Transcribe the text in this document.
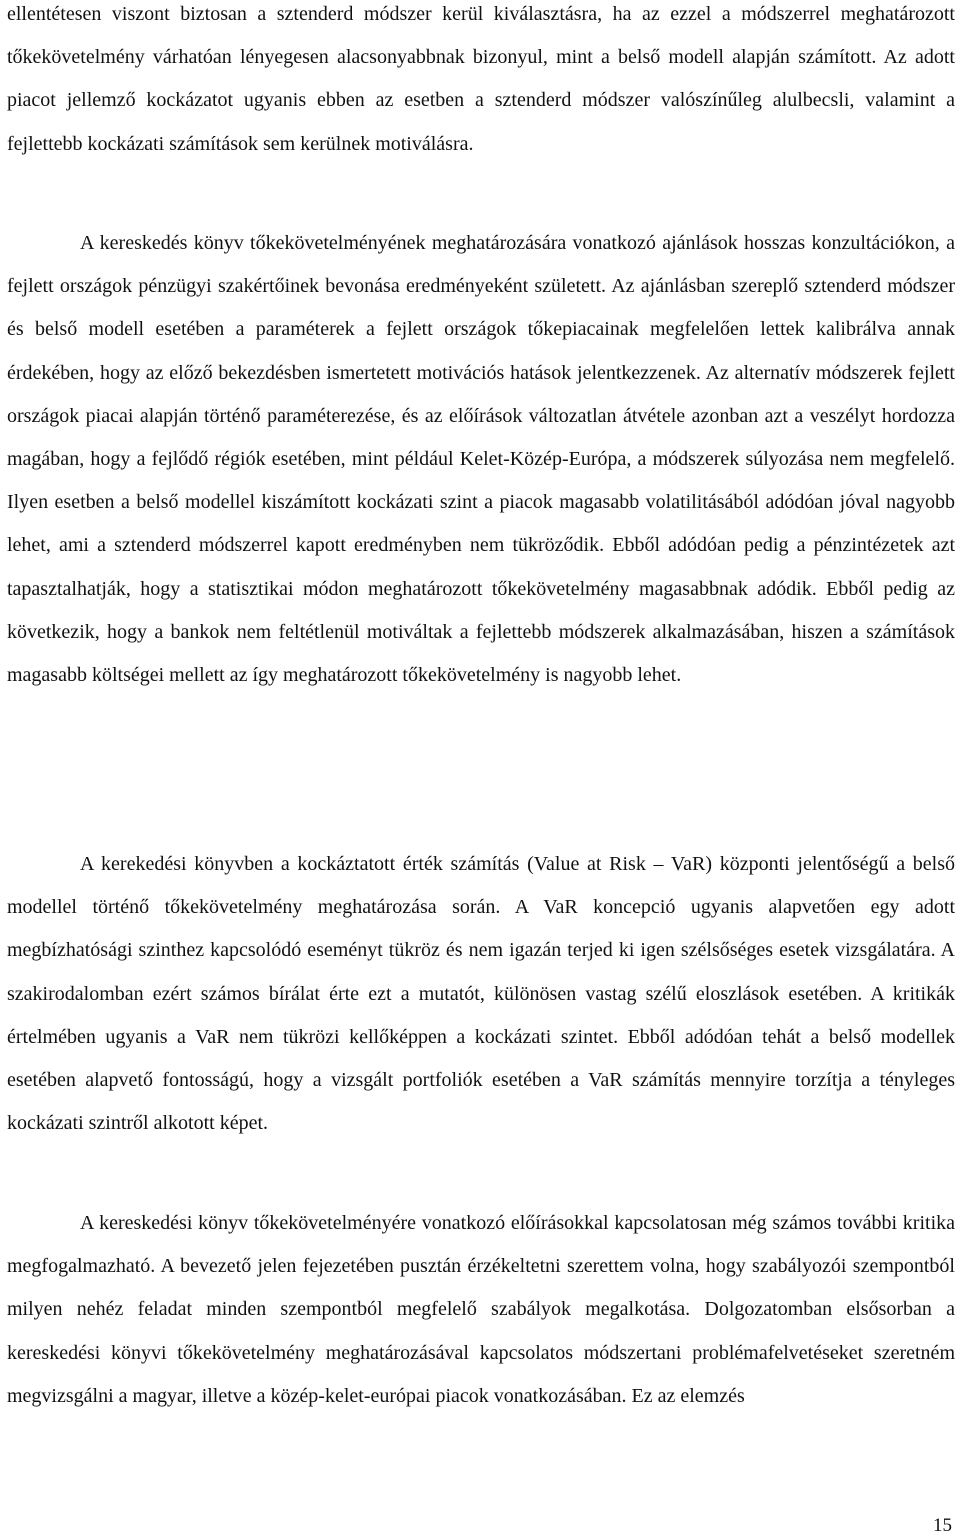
ellentétesen viszont biztosan a sztenderd módszer kerül kiválasztásra, ha az ezzel a módszerrel meghatározott tőkekövetelmény várhatóan lényegesen alacsonyabbnak bizonyul, mint a belső modell alapján számított. Az adott piacot jellemző kockázatot ugyanis ebben az esetben a sztenderd módszer valószínűleg alulbecsli, valamint a fejlettebb kockázati számítások sem kerülnek motiválásra.

A kereskedés könyv tőkekövetelményének meghatározására vonatkozó ajánlások hosszas konzultációkon, a fejlett országok pénzügyi szakértőinek bevonása eredményeként született. Az ajánlásban szereplő sztenderd módszer és belső modell esetében a paraméterek a fejlett országok tőkepiacainak megfelelően lettek kalibrálva annak érdekében, hogy az előző bekezdésben ismertetett motivációs hatások jelentkezzenek. Az alternatív módszerek fejlett országok piacai alapján történő paraméterezése, és az előírások változatlan átvétele azonban azt a veszélyt hordozza magában, hogy a fejlődő régiók esetében, mint például Kelet-Közép-Európa, a módszerek súlyozása nem megfelelő. Ilyen esetben a belső modellel kiszámított kockázati szint a piacok magasabb volatilitásából adódóan jóval nagyobb lehet, ami a sztenderd módszerrel kapott eredményben nem tükröződik. Ebből adódóan pedig a pénzintézetek azt tapasztalhatják, hogy a statisztikai módon meghatározott tőkekövetelmény magasabbnak adódik. Ebből pedig az következik, hogy a bankok nem feltétlenül motiváltak a fejlettebb módszerek alkalmazásában, hiszen a számítások magasabb költségei mellett az így meghatározott tőkekövetelmény is nagyobb lehet.

A kerekedési könyvben a kockáztatott érték számítás (Value at Risk – VaR) központi jelentőségű a belső modellel történő tőkekövetelmény meghatározása során. A VaR koncepció ugyanis alapvetően egy adott megbízhatósági szinthez kapcsolódó eseményt tükröz és nem igazán terjed ki igen szélsőséges esetek vizsgálatára. A szakirodalomban ezért számos bírálat érte ezt a mutatót, különösen vastag szélű eloszlások esetében. A kritikák értelmében ugyanis a VaR nem tükrözi kellőképpen a kockázati szintet. Ebből adódóan tehát a belső modellek esetében alapvető fontosságú, hogy a vizsgált portfoliók esetében a VaR számítás mennyire torzítja a tényleges kockázati szintről alkotott képet.

A kereskedési könyv tőkekövetelményére vonatkozó előírásokkal kapcsolatosan még számos további kritika megfogalmazható. A bevezető jelen fejezetében pusztán érzékeltetni szerettem volna, hogy szabályozói szempontból milyen nehéz feladat minden szempontból megfelelő szabályok megalkotása. Dolgozatomban elsősorban a kereskedési könyvi tőkekövetelmény meghatározásával kapcsolatos módszertani problémafelvetéseket szeretném megvizsgálni a magyar, illetve a közép-kelet-európai piacok vonatkozásában. Ez az elemzés

15
